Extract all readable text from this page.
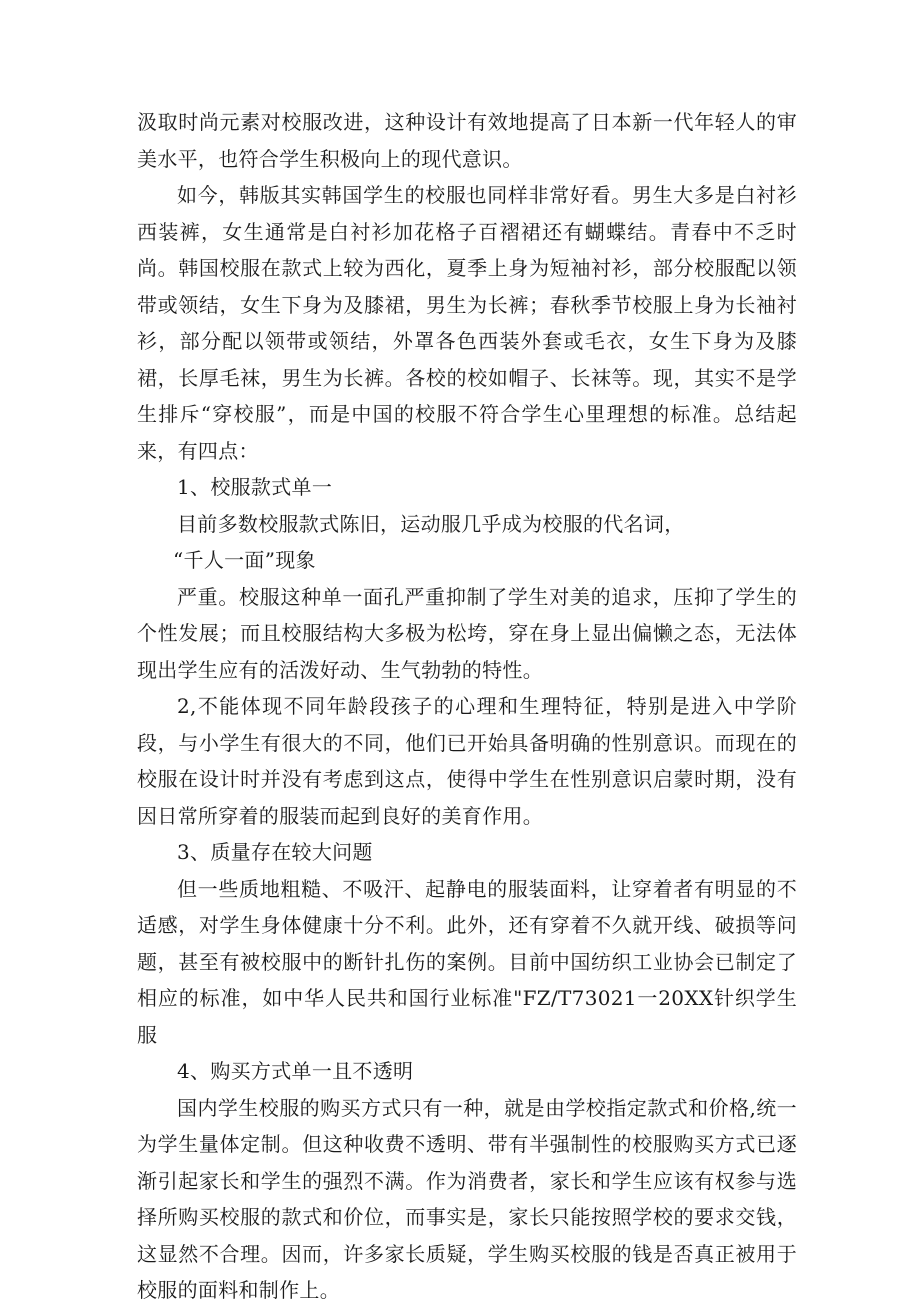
汲取时尚元素对校服改进，这种设计有效地提高了日本新一代年轻人的审美水平，也符合学生积极向上的现代意识。

如今，韩版其实韩国学生的校服也同样非常好看。男生大多是白衬衫西装裤，女生通常是白衬衫加花格子百褶裙还有蝴蝶结。青春中不乏时尚。韩国校服在款式上较为西化，夏季上身为短袖衬衫，部分校服配以领带或领结，女生下身为及膝裙，男生为长裤；春秋季节校服上身为长袖衬衫，部分配以领带或领结，外罩各色西装外套或毛衣，女生下身为及膝裙，长厚毛袜，男生为长裤。各校的校如帽子、长袜等。现，其实不是学生排斥“穿校服”，而是中国的校服不符合学生心里理想的标准。总结起来，有四点：

1、校服款式单一

目前多数校服款式陈旧，运动服几乎成为校服的代名词，

“千人一面”现象

严重。校服这种单一面孔严重抑制了学生对美的追求，压抑了学生的个性发展；而且校服结构大多极为松垮，穿在身上显出偏懒之态，无法体现出学生应有的活泼好动、生气勃勃的特性。

2,不能体现不同年龄段孩子的心理和生理特征，特别是进入中学阶段，与小学生有很大的不同，他们已开始具备明确的性别意识。而现在的校服在设计时并没有考虑到这点，使得中学生在性别意识启蒙时期，没有因日常所穿着的服装而起到良好的美育作用。

3、质量存在较大问题

但一些质地粗糙、不吸汗、起静电的服装面料，让穿着者有明显的不适感，对学生身体健康十分不利。此外，还有穿着不久就开线、破损等问题，甚至有被校服中的断针扎伤的案例。目前中国纺织工业协会已制定了相应的标准，如中华人民共和国行业标准"FZ/T73021一20XX针织学生服

4、购买方式单一且不透明

国内学生校服的购买方式只有一种，就是由学校指定款式和价格,统一为学生量体定制。但这种收费不透明、带有半强制性的校服购买方式已逐渐引起家长和学生的强烈不满。作为消费者，家长和学生应该有权参与选择所购买校服的款式和价位，而事实是，家长只能按照学校的要求交钱，这显然不合理。因而，许多家长质疑，学生购买校服的钱是否真正被用于校服的面料和制作上。
